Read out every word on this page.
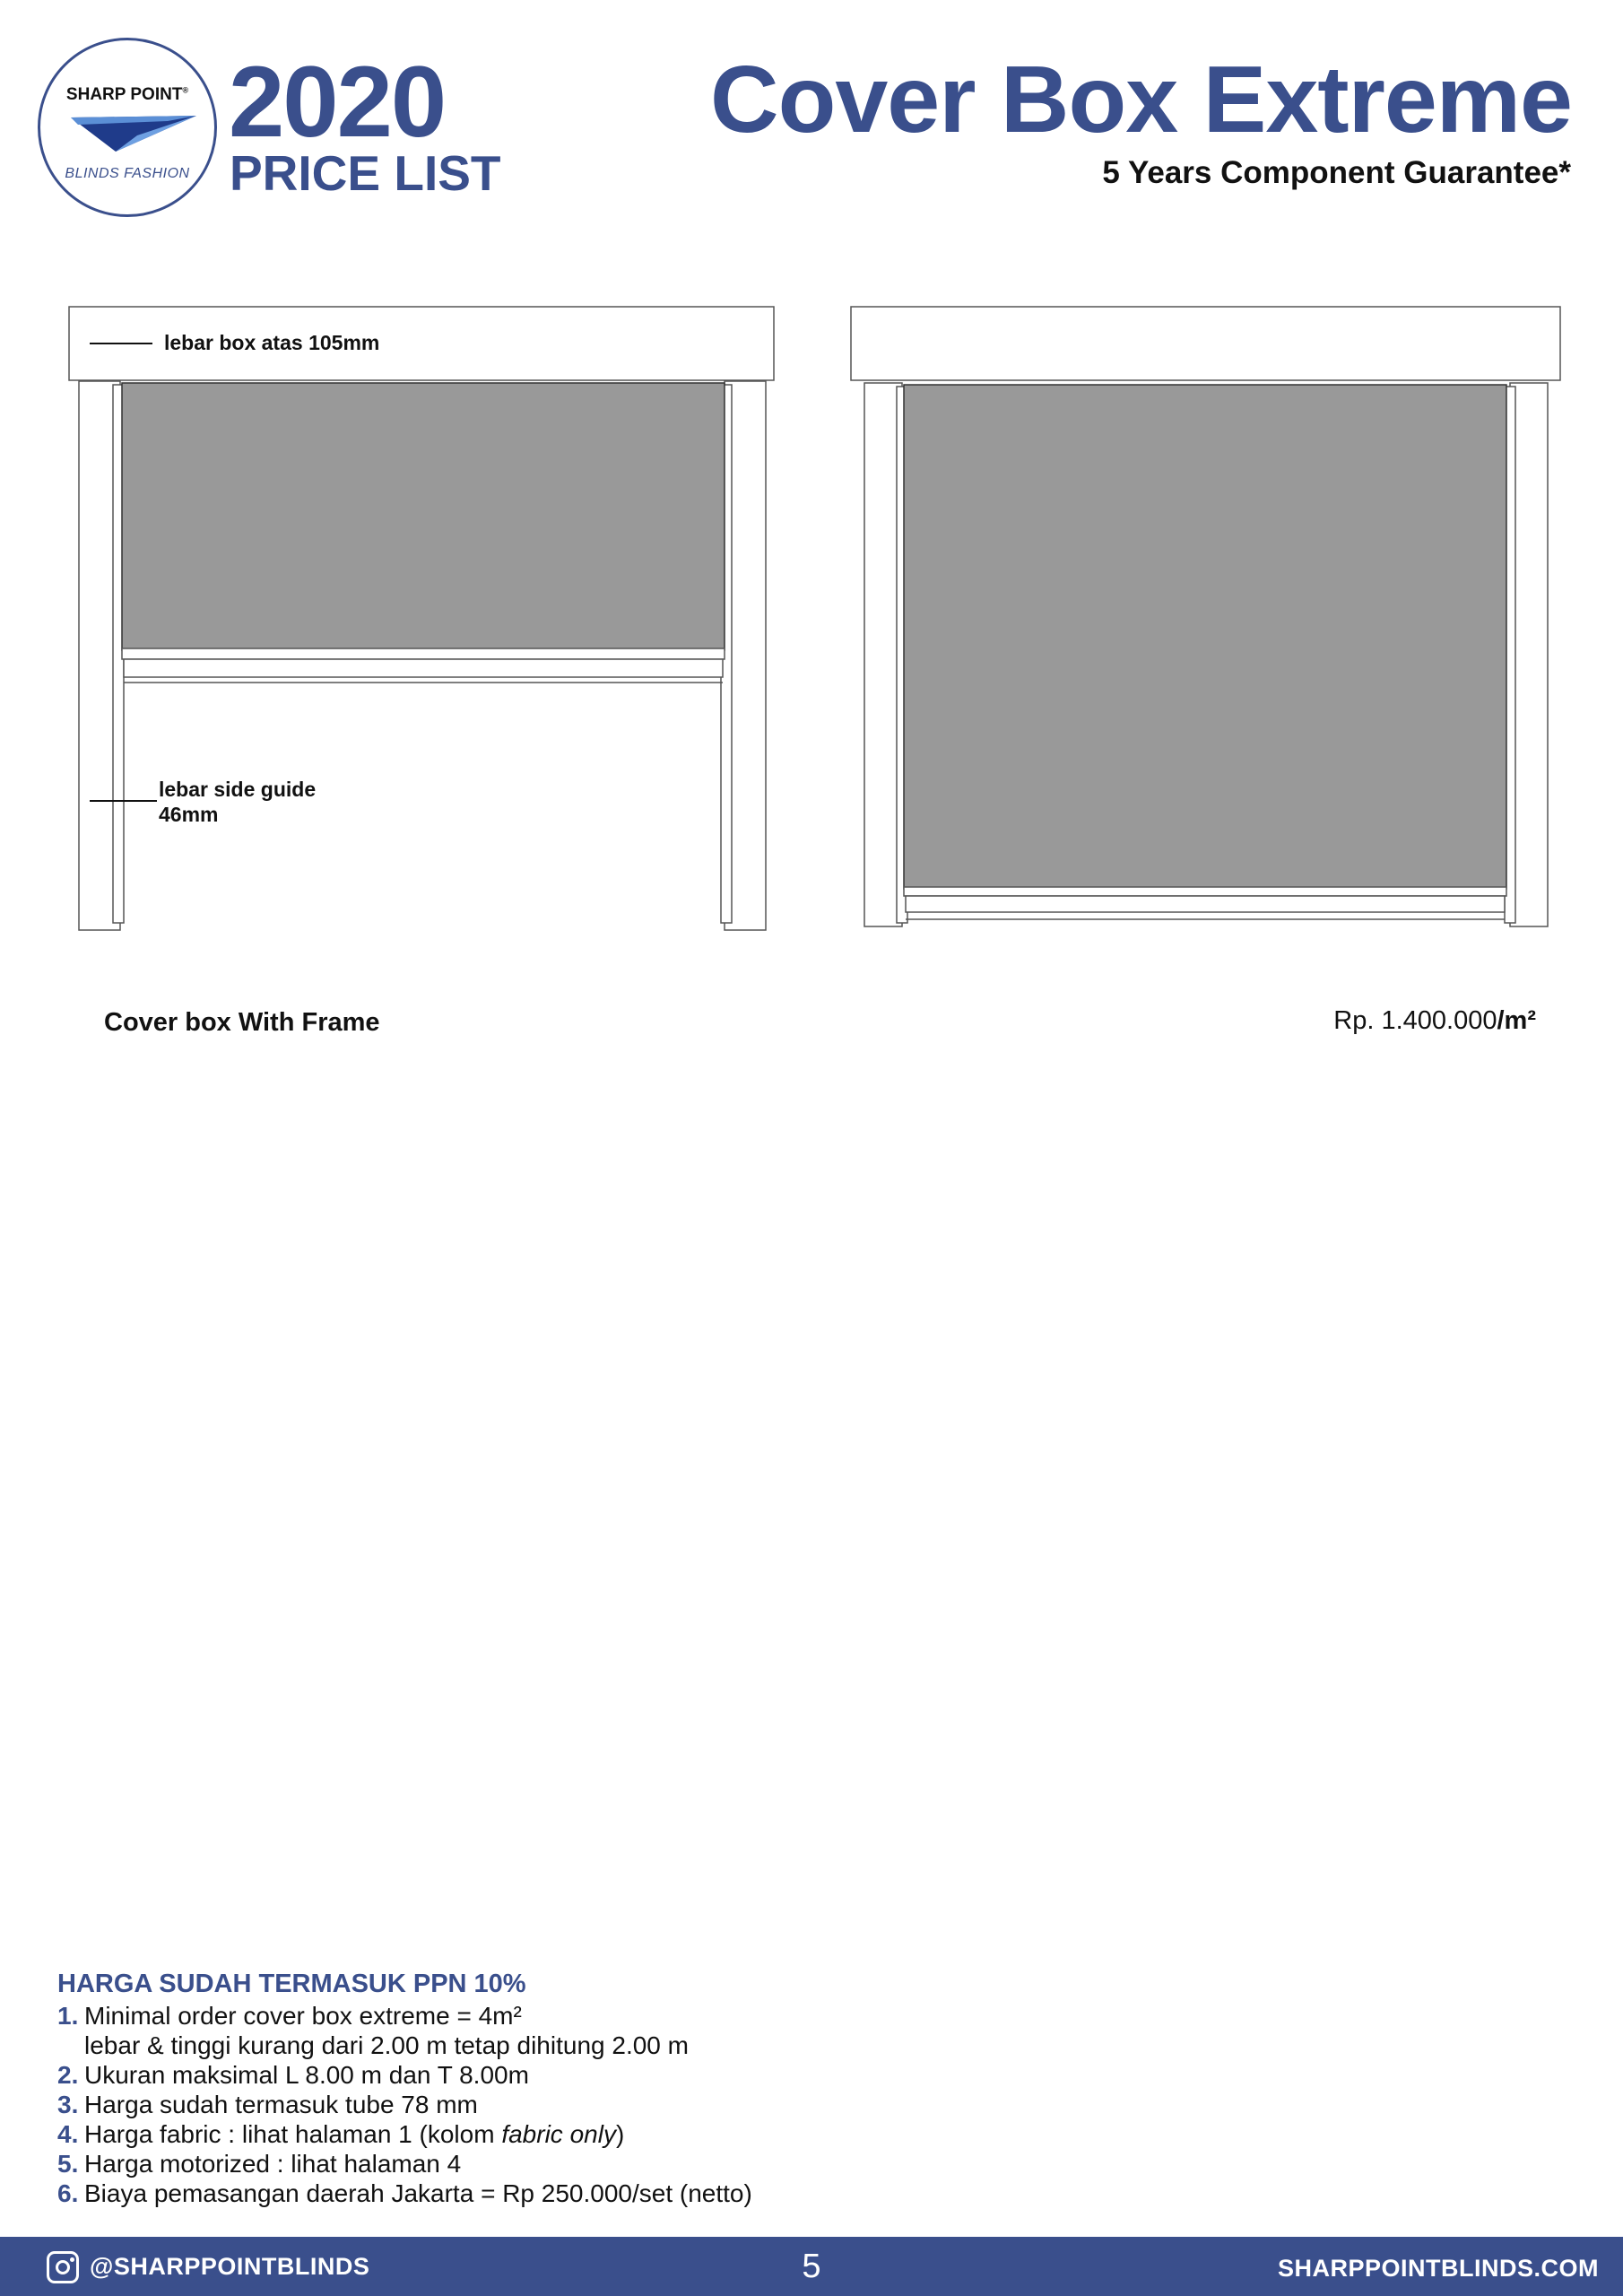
SHARP POINT®
BLINDS FASHION
2020
PRICE LIST
Cover Box Extreme
5 Years Component Guarantee*
lebar box atas 105mm
lebar side guide
46mm
Cover box With Frame	Rp. 1.400.000/m²
HARGA SUDAH TERMASUK PPN 10%
1. Minimal order cover box extreme = 4m²
lebar & tinggi kurang dari 2.00 m tetap dihitung 2.00 m
2. Ukuran maksimal L 8.00 m dan T 8.00m
3. Harga sudah termasuk tube 78 mm
4. Harga fabric : lihat halaman 1 (kolom fabric only)
5. Harga motorized : lihat halaman 4
6. Biaya pemasangan daerah Jakarta = Rp 250.000/set (netto)
@SHARPPOINTBLINDS	5	SHARPPOINTBLINDS.COM
